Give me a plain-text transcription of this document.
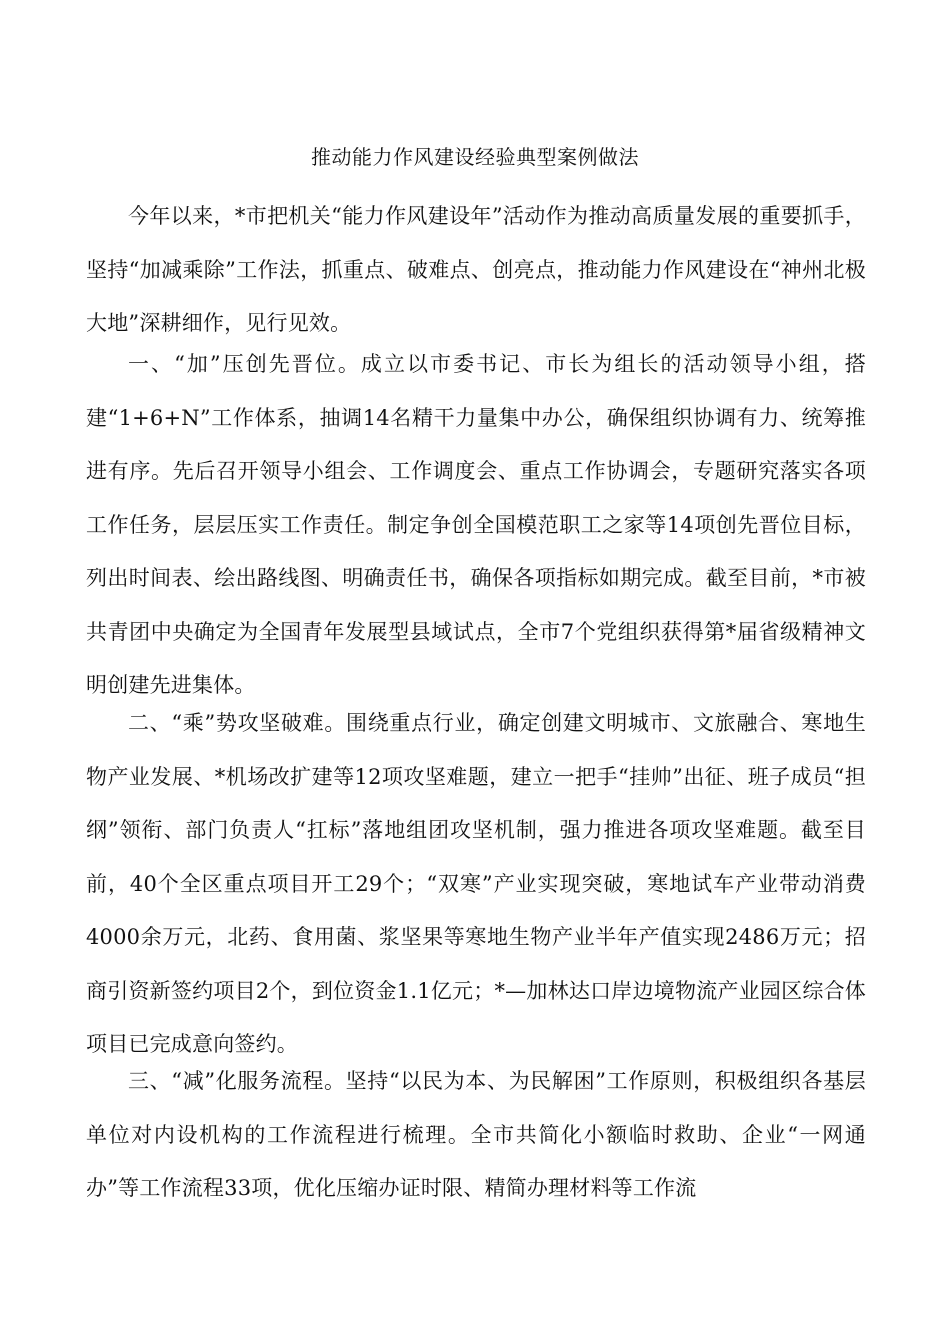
推动能力作风建设经验典型案例做法

今年以来，*市把机关“能力作风建设年”活动作为推动高质量发展的重要抓手，坚持“加减乘除”工作法，抓重点、破难点、创亮点，推动能力作风建设在“神州北极大地”深耕细作，见行见效。

一、“加”压创先晋位。成立以市委书记、市长为组长的活动领导小组，搭建“1+6+N”工作体系，抽调14名精干力量集中办公，确保组织协调有力、统筹推进有序。先后召开领导小组会、工作调度会、重点工作协调会，专题研究落实各项工作任务，层层压实工作责任。制定争创全国模范职工之家等14项创先晋位目标，列出时间表、绘出路线图、明确责任书，确保各项指标如期完成。截至目前，*市被共青团中央确定为全国青年发展型县域试点，全市7个党组织获得第*届省级精神文明创建先进集体。

二、“乘”势攻坚破难。围绕重点行业，确定创建文明城市、文旅融合、寒地生物产业发展、*机场改扩建等12项攻坚难题，建立一把手“挂帅”出征、班子成员“担纲”领衔、部门负责人“扛标”落地组团攻坚机制，强力推进各项攻坚难题。截至目前，40个全区重点项目开工29个；“双寒”产业实现突破，寒地试车产业带动消费4000余万元，北药、食用菌、浆坚果等寒地生物产业半年产值实现2486万元；招商引资新签约项目2个，到位资金1.1亿元；*—加林达口岸边境物流产业园区综合体项目已完成意向签约。

三、“减”化服务流程。坚持“以民为本、为民解困”工作原则，积极组织各基层单位对内设机构的工作流程进行梳理。全市共简化小额临时救助、企业“一网通办”等工作流程33项，优化压缩办证时限、精简办理材料等工作流
